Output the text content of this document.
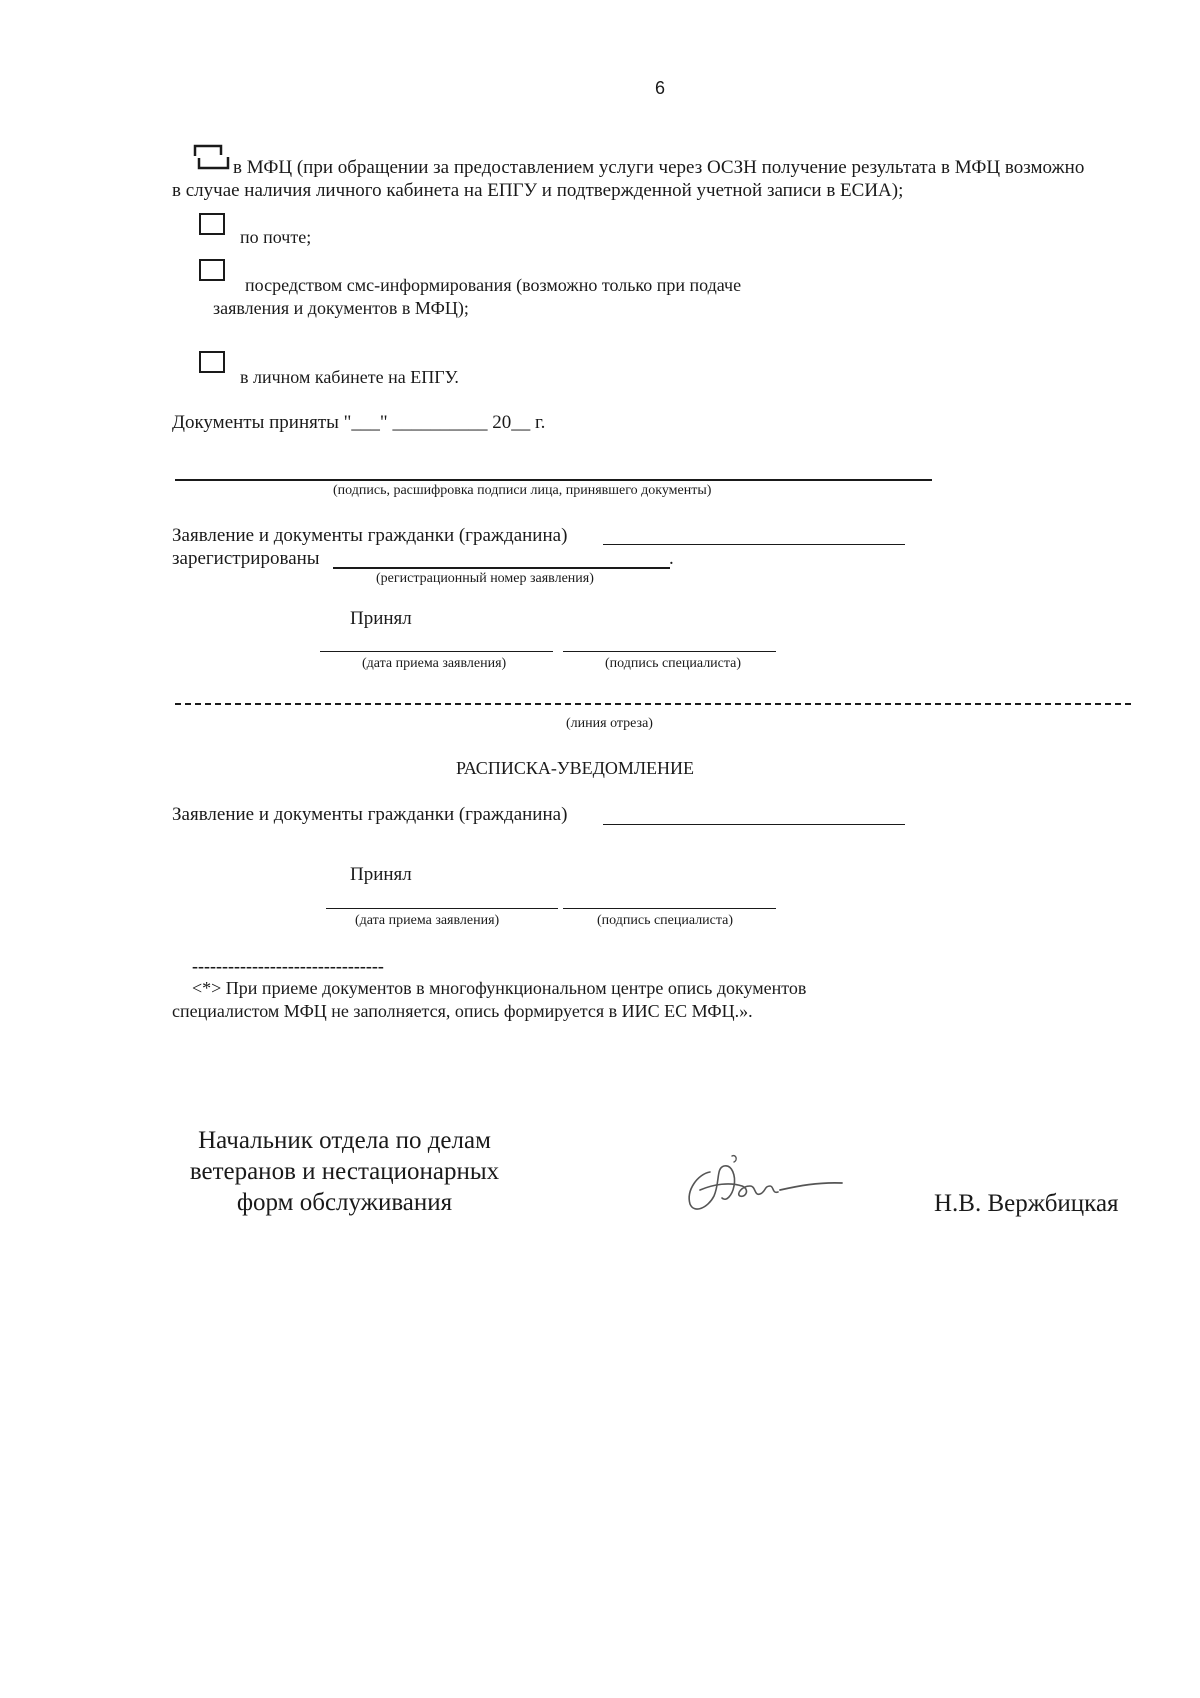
6
в МФЦ (при обращении за предоставлением услуги через ОСЗН получение результата в МФЦ возможно
в случае наличия личного кабинета на ЕПГУ и подтвержденной учетной записи в ЕСИА);
по почте;
посредством смс-информирования (возможно только при подаче
заявления и документов в МФЦ);
в личном кабинете на ЕПГУ.
Документы приняты "___" __________ 20__ г.
(подпись, расшифровка подписи лица, принявшего документы)
Заявление и документы гражданки (гражданина)
зарегистрированы	.
(регистрационный номер заявления)
Принял
(дата приема заявления)	(подпись специалиста)
(линия отреза)
РАСПИСКА-УВЕДОМЛЕНИЕ
Заявление и документы гражданки (гражданина)
Принял
(дата приема заявления)	(подпись специалиста)
--------------------------------
<*> При приеме документов в многофункциональном центре опись документов
специалистом МФЦ не заполняется, опись формируется в ИИС ЕС МФЦ.».
Начальник отдела по делам
ветеранов и нестационарных
форм обслуживания	Н.В. Вержбицкая
